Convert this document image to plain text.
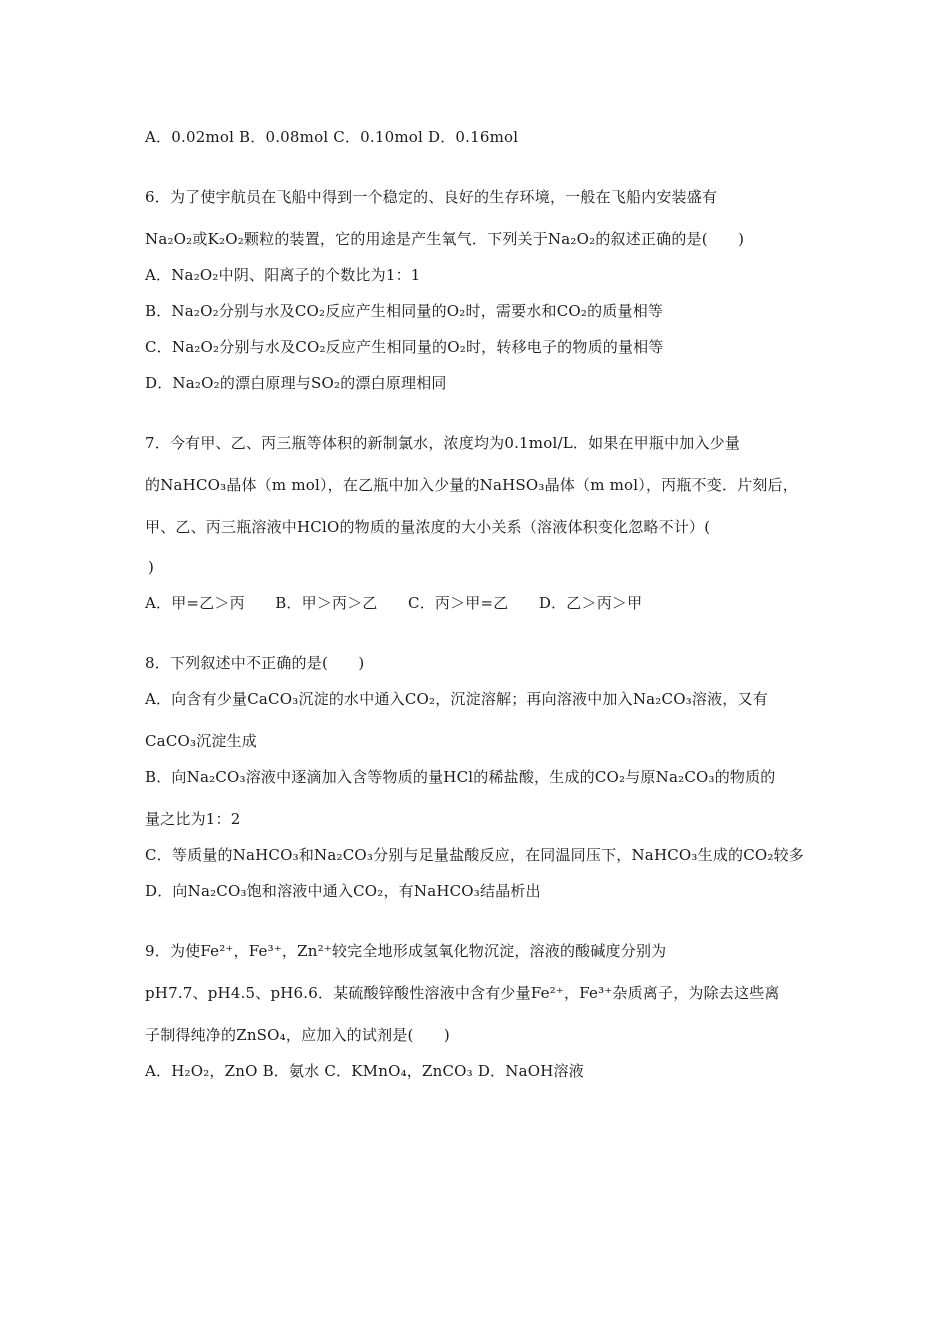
A．0.02mol B．0.08mol C．0.10mol D．0.16mol
6．为了使宇航员在飞船中得到一个稳定的、良好的生存环境，一般在飞船内安装盛有
Na₂O₂或K₂O₂颗粒的装置，它的用途是产生氧气．下列关于Na₂O₂的叙述正确的是(　　)
A．Na₂O₂中阴、阳离子的个数比为1：1
B．Na₂O₂分别与水及CO₂反应产生相同量的O₂时，需要水和CO₂的质量相等
C．Na₂O₂分别与水及CO₂反应产生相同量的O₂时，转移电子的物质的量相等
D．Na₂O₂的漂白原理与SO₂的漂白原理相同
7．今有甲、乙、丙三瓶等体积的新制氯水，浓度均为0.1mol/L．如果在甲瓶中加入少量
的NaHCO₃晶体（m mol），在乙瓶中加入少量的NaHSO₃晶体（m mol），丙瓶不变．片刻后，
甲、乙、丙三瓶溶液中HClO的物质的量浓度的大小关系（溶液体积变化忽略不计）(
)
A．甲=乙＞丙　　B．甲＞丙＞乙　　C．丙＞甲=乙　　D．乙＞丙＞甲
8．下列叙述中不正确的是(　　)
A．向含有少量CaCO₃沉淀的水中通入CO₂，沉淀溶解；再向溶液中加入Na₂CO₃溶液，又有
CaCO₃沉淀生成
B．向Na₂CO₃溶液中逐滴加入含等物质的量HCl的稀盐酸，生成的CO₂与原Na₂CO₃的物质的
量之比为1：2
C．等质量的NaHCO₃和Na₂CO₃分别与足量盐酸反应，在同温同压下，NaHCO₃生成的CO₂较多
D．向Na₂CO₃饱和溶液中通入CO₂，有NaHCO₃结晶析出
9．为使Fe²⁺，Fe³⁺，Zn²⁺较完全地形成氢氧化物沉淀，溶液的酸碱度分别为
pH7.7、pH4.5、pH6.6．某硫酸锌酸性溶液中含有少量Fe²⁺，Fe³⁺杂质离子，为除去这些离
子制得纯净的ZnSO₄，应加入的试剂是(　　)
A．H₂O₂，ZnO B．氨水 C．KMnO₄，ZnCO₃ D．NaOH溶液
